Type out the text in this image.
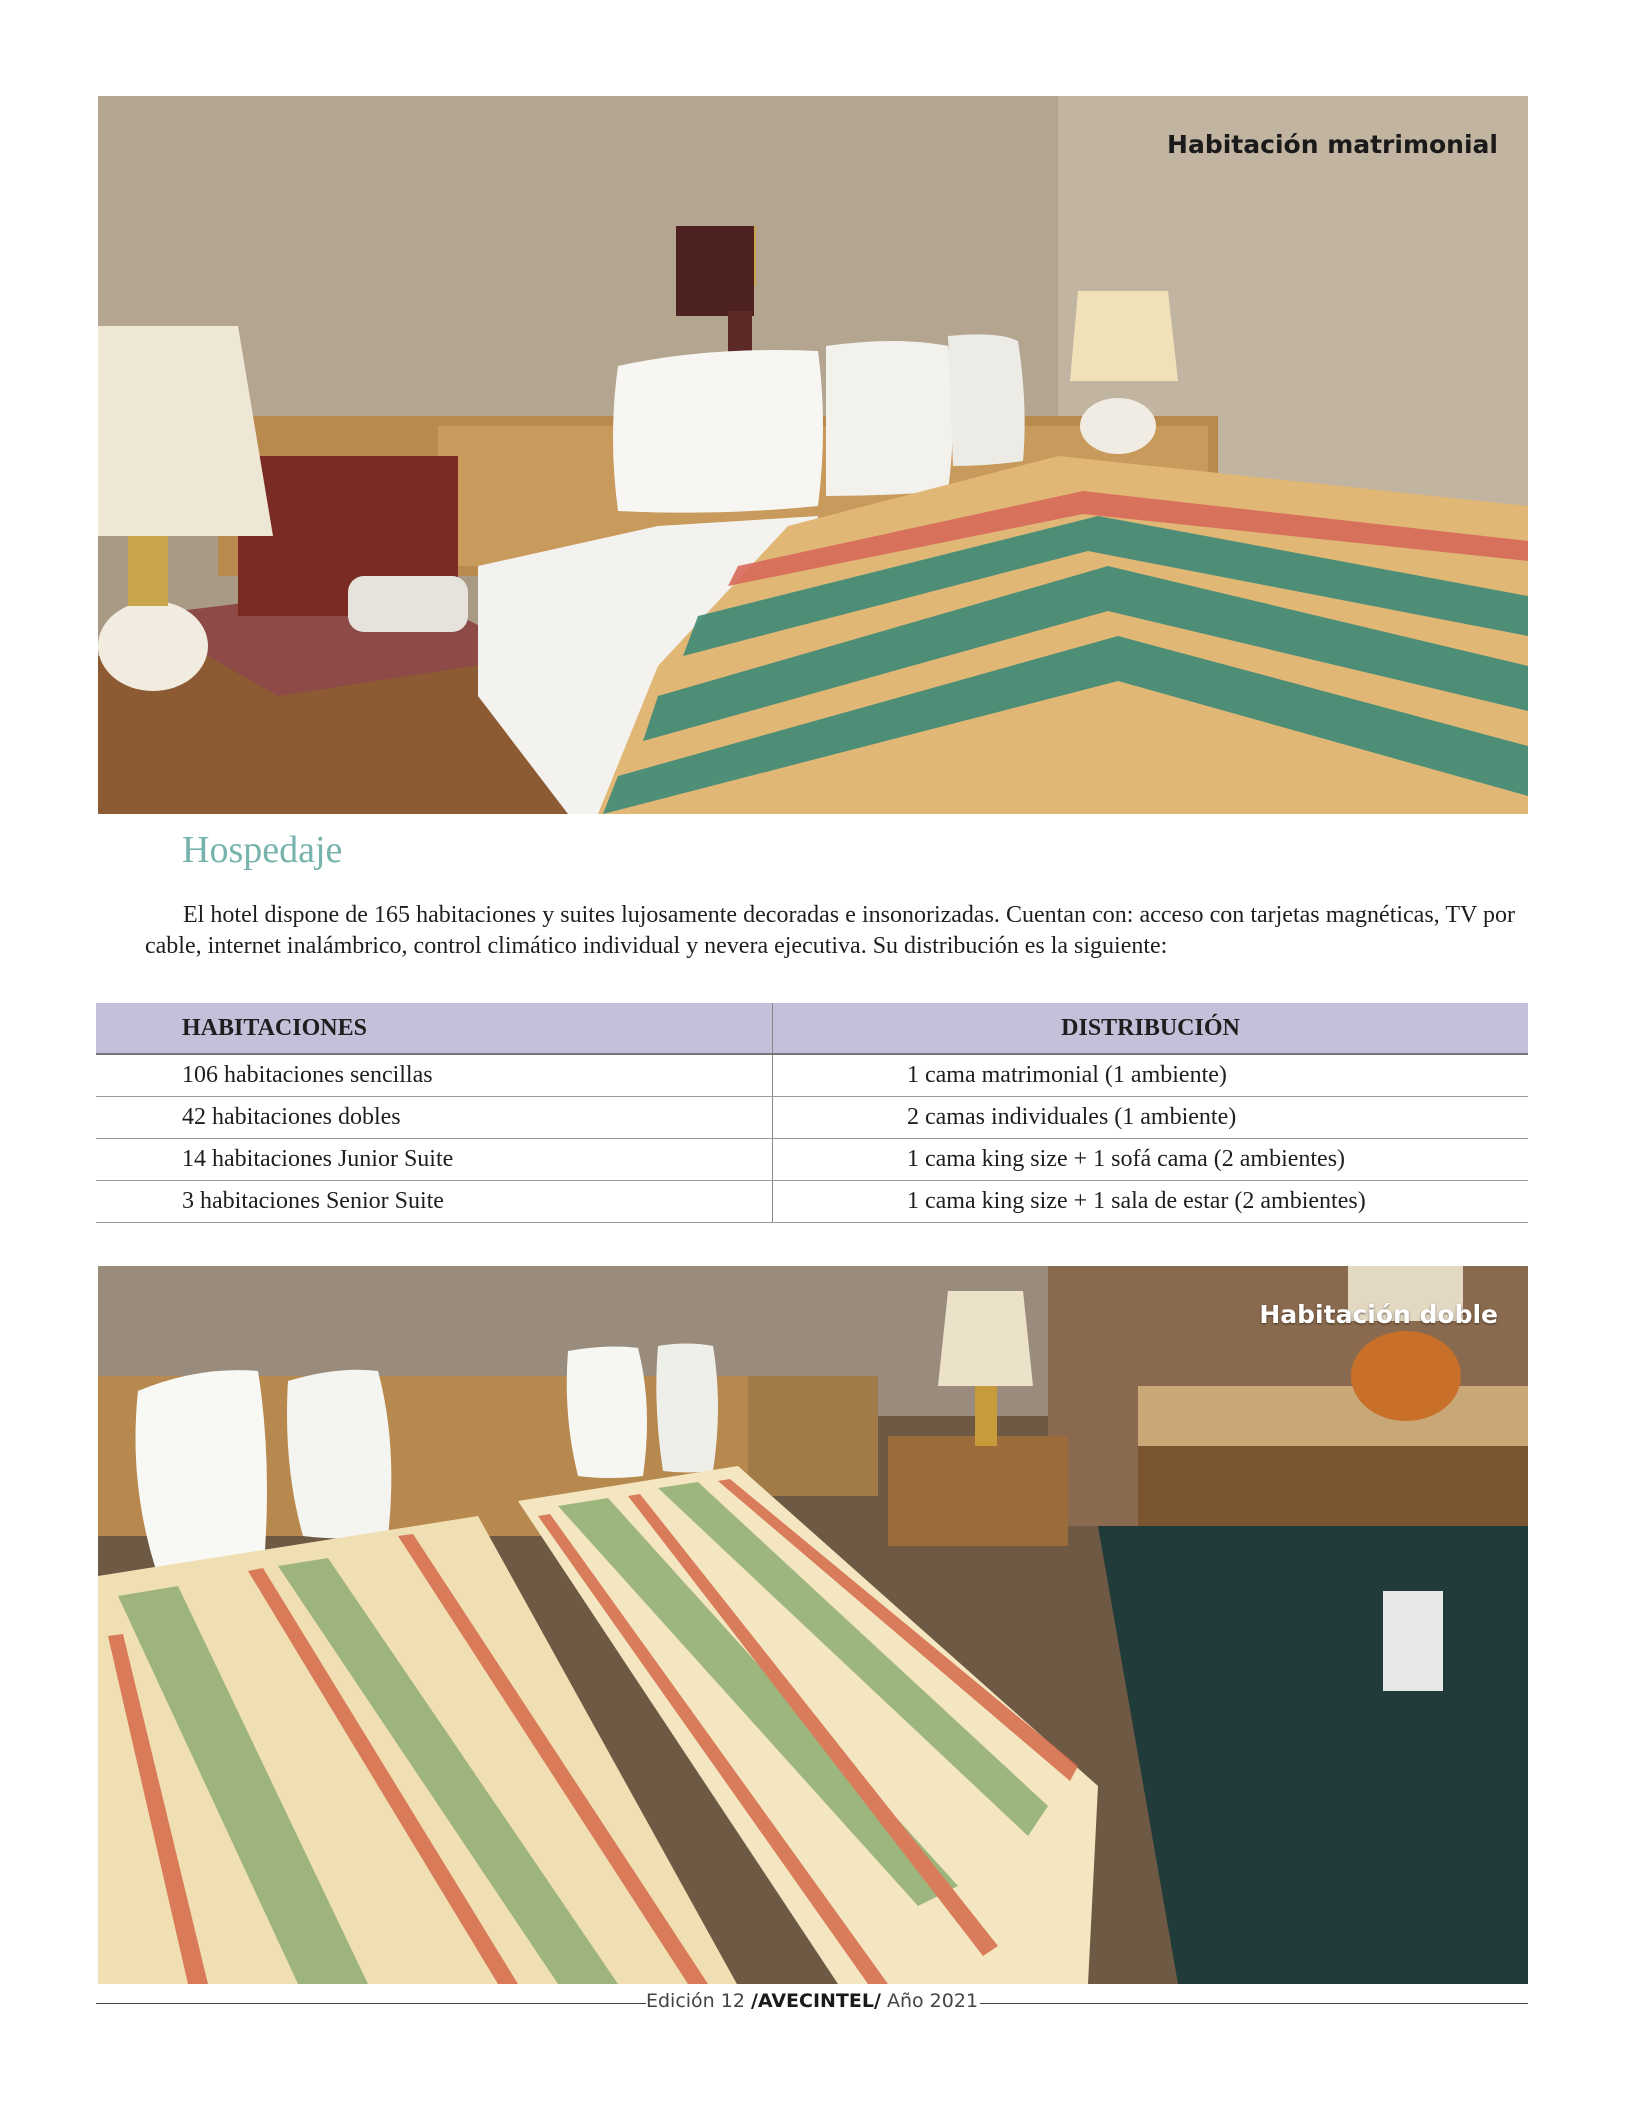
Habitación matrimonial
Hospedaje
El hotel dispone de 165 habitaciones y suites lujosamente decoradas e insonorizadas. Cuentan con: acceso con tarjetas magnéticas, TV por cable, internet inalámbrico, control climático individual y nevera ejecutiva. Su distribución es la siguiente:
HABITACIONES	DISTRIBUCIÓN
106 habitaciones sencillas	1 cama matrimonial (1 ambiente)
42 habitaciones dobles	2 camas individuales (1 ambiente)
14 habitaciones Junior Suite	1 cama king size + 1 sofá cama (2 ambientes)
3 habitaciones Senior Suite	1 cama king size + 1 sala de estar (2 ambientes)
Habitación doble
Edición 12 /AVECINTEL/ Año 2021
